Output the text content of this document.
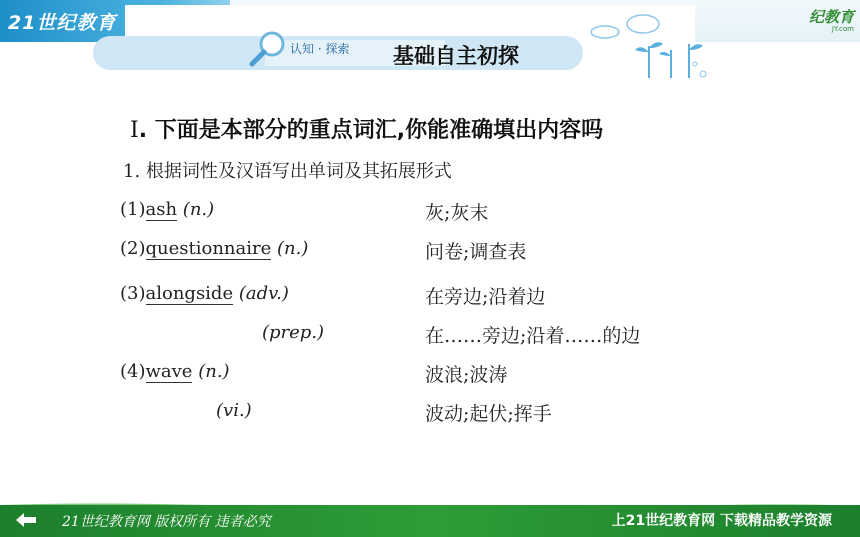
21世纪教育	纪教育
JY.com
认知 · 探索 基础自主初探
Ⅰ. 下面是本部分的重点词汇,你能准确填出内容吗
1. 根据词性及汉语写出单词及其拓展形式
(1)ash (n.)	灰;灰末
(2)questionnaire (n.)	问卷;调查表
(3)alongside (adv.)	在旁边;沿着边
(prep.)	在……旁边;沿着……的边
(4)wave (n.)	波浪;波涛
(vi.)	波动;起伏;挥手
21世纪教育网 版权所有 违者必究	上21世纪教育网 下载精品教学资源
